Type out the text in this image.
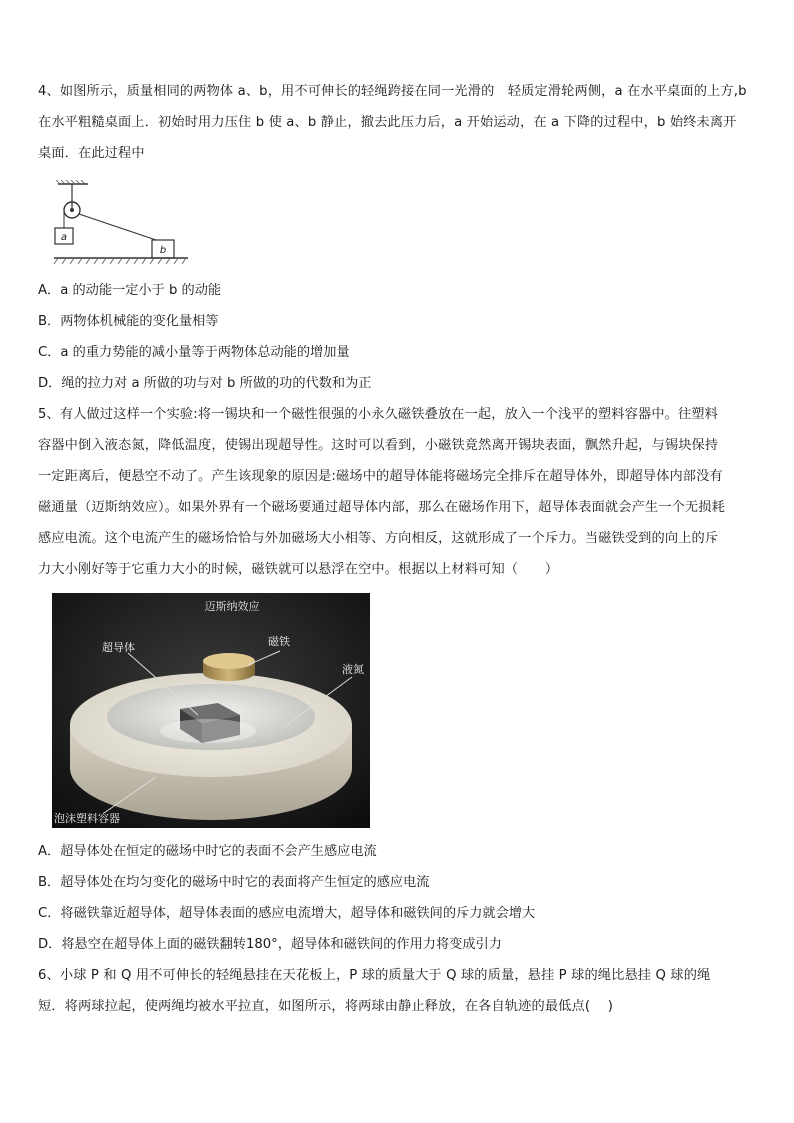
4、如图所示，质量相同的两物体 a、b，用不可伸长的轻绳跨接在同一光滑的　轻质定滑轮两侧，a 在水平桌面的上方,b
在水平粗糙桌面上．初始时用力压住 b 使 a、b 静止，撤去此压力后，a 开始运动，在 a 下降的过程中，b 始终未离开
桌面．在此过程中
a
b
A．a 的动能一定小于 b 的动能
B．两物体机械能的变化量相等
C．a 的重力势能的减小量等于两物体总动能的增加量
D．绳的拉力对 a 所做的功与对 b 所做的功的代数和为正
5、有人做过这样一个实验:将一锡块和一个磁性很强的小永久磁铁叠放在一起，放入一个浅平的塑料容器中。往塑料
容器中倒入液态氮，降低温度，使锡出现超导性。这时可以看到，小磁铁竟然离开锡块表面，飘然升起，与锡块保持
一定距离后，便悬空不动了。产生该现象的原因是:磁场中的超导体能将磁场完全排斥在超导体外，即超导体内部没有
磁通量（迈斯纳效应）。如果外界有一个磁场要通过超导体内部，那么在磁场作用下，超导体表面就会产生一个无损耗
感应电流。这个电流产生的磁场恰恰与外加磁场大小相等、方向相反，这就形成了一个斥力。当磁铁受到的向上的斥
力大小刚好等于它重力大小的时候，磁铁就可以悬浮在空中。根据以上材料可知（　　）
迈斯纳效应
超导体	磁铁
液氮
泡沫塑料容器
A．超导体处在恒定的磁场中时它的表面不会产生感应电流
B．超导体处在均匀变化的磁场中时它的表面将产生恒定的感应电流
C．将磁铁靠近超导体，超导体表面的感应电流增大，超导体和磁铁间的斥力就会增大
D．将悬空在超导体上面的磁铁翻转180°，超导体和磁铁间的作用力将变成引力
6、小球 P 和 Q 用不可伸长的轻绳悬挂在天花板上，P 球的质量大于 Q 球的质量，悬挂 P 球的绳比悬挂 Q 球的绳
短．将两球拉起，使两绳均被水平拉直，如图所示，将两球由静止释放，在各自轨迹的最低点(　 )
